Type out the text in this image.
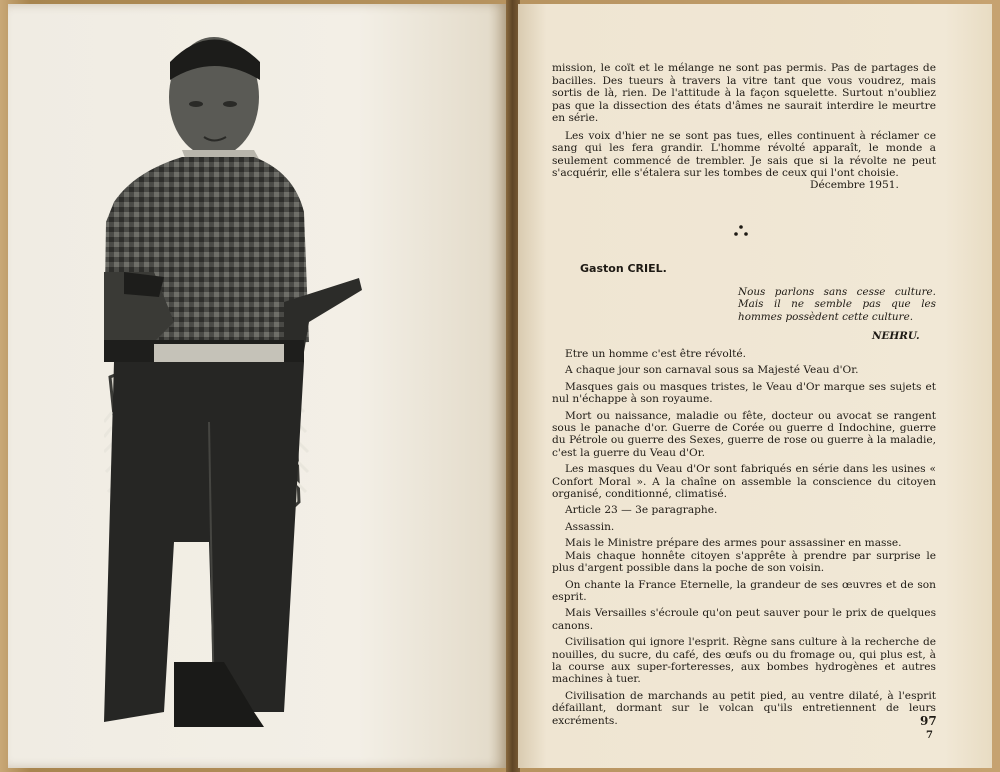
mission, le coït et le mélange ne sont pas permis. Pas de partages de bacilles. Des tueurs à travers la vitre tant que vous voudrez, mais sortis de là, rien. De l'attitude à la façon squelette. Surtout n'oubliez pas que la dissection des états d'âmes ne saurait interdire le meurtre en série.

Les voix d'hier ne se sont pas tues, elles continuent à réclamer ce sang qui les fera grandir. L'homme révolté apparaît, le monde a seulement commencé de trembler. Je sais que si la révolte ne peut s'acquérir, elle s'étalera sur les tombes de ceux qui l'ont choisie.

Décembre 1951.
Gaston CRIEL.
Nous parlons sans cesse culture. Mais il ne semble pas que les hommes possèdent cette culture.
NEHRU.

Etre un homme c'est être révolté.

A chaque jour son carnaval sous sa Majesté Veau d'Or.

Masques gais ou masques tristes, le Veau d'Or marque ses sujets et nul n'échappe à son royaume.

Mort ou naissance, maladie ou fête, docteur ou avocat se rangent sous le panache d'or. Guerre de Corée ou guerre d Indochine, guerre du Pétrole ou guerre des Sexes, guerre de rose ou guerre à la maladie, c'est la guerre du Veau d'Or.

Les masques du Veau d'Or sont fabriqués en série dans les usines « Confort Moral ». A la chaîne on assemble la conscience du citoyen organisé, conditionné, climatisé.

Article 23 — 3e paragraphe.

Assassin.

Mais le Ministre prépare des armes pour assassiner en masse.

Mais chaque honnête citoyen s'apprête à prendre par surprise le plus d'argent possible dans la poche de son voisin.

On chante la France Eternelle, la grandeur de ses œuvres et de son esprit.

Mais Versailles s'écroule qu'on peut sauver pour le prix de quelques canons.

Civilisation qui ignore l'esprit. Règne sans culture à la recherche de nouilles, du sucre, du café, des œufs ou du fromage ou, qui plus est, à la course aux super-forteresses, aux bombes hydrogènes et autres machines à tuer.

Civilisation de marchands au petit pied, au ventre dilaté, à l'esprit défaillant, dormant sur le volcan qu'ils entretiennent de leurs excréments.	97
7
